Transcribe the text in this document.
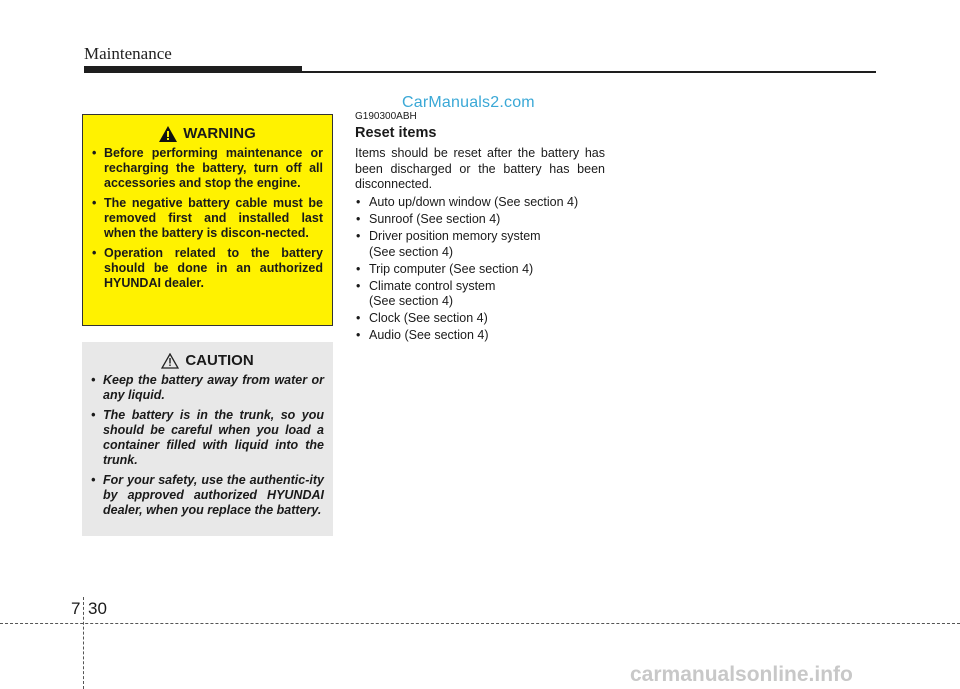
Maintenance
CarManuals2.com
WARNING
• Before performing maintenance or recharging the battery, turn off all accessories and stop the engine.
• The negative battery cable must be removed first and installed last when the battery is discon-nected.
• Operation related to the battery should be done in an authorized HYUNDAI dealer.
CAUTION
• Keep the battery away from water or any liquid.
• The battery is in the trunk, so you should be careful when you load a container filled with liquid into the trunk.
• For your safety, use the authentic-ity by approved authorized HYUNDAI dealer, when you replace the battery.
G190300ABH
Reset items
Items should be reset after the battery has been discharged or the battery has been disconnected.
• Auto up/down window (See section 4)
• Sunroof (See section 4)
• Driver position memory system
(See section 4)
• Trip computer (See section 4)
• Climate control system
(See section 4)
• Clock (See section 4)
• Audio (See section 4)
7 30
carmanualsonline.info
